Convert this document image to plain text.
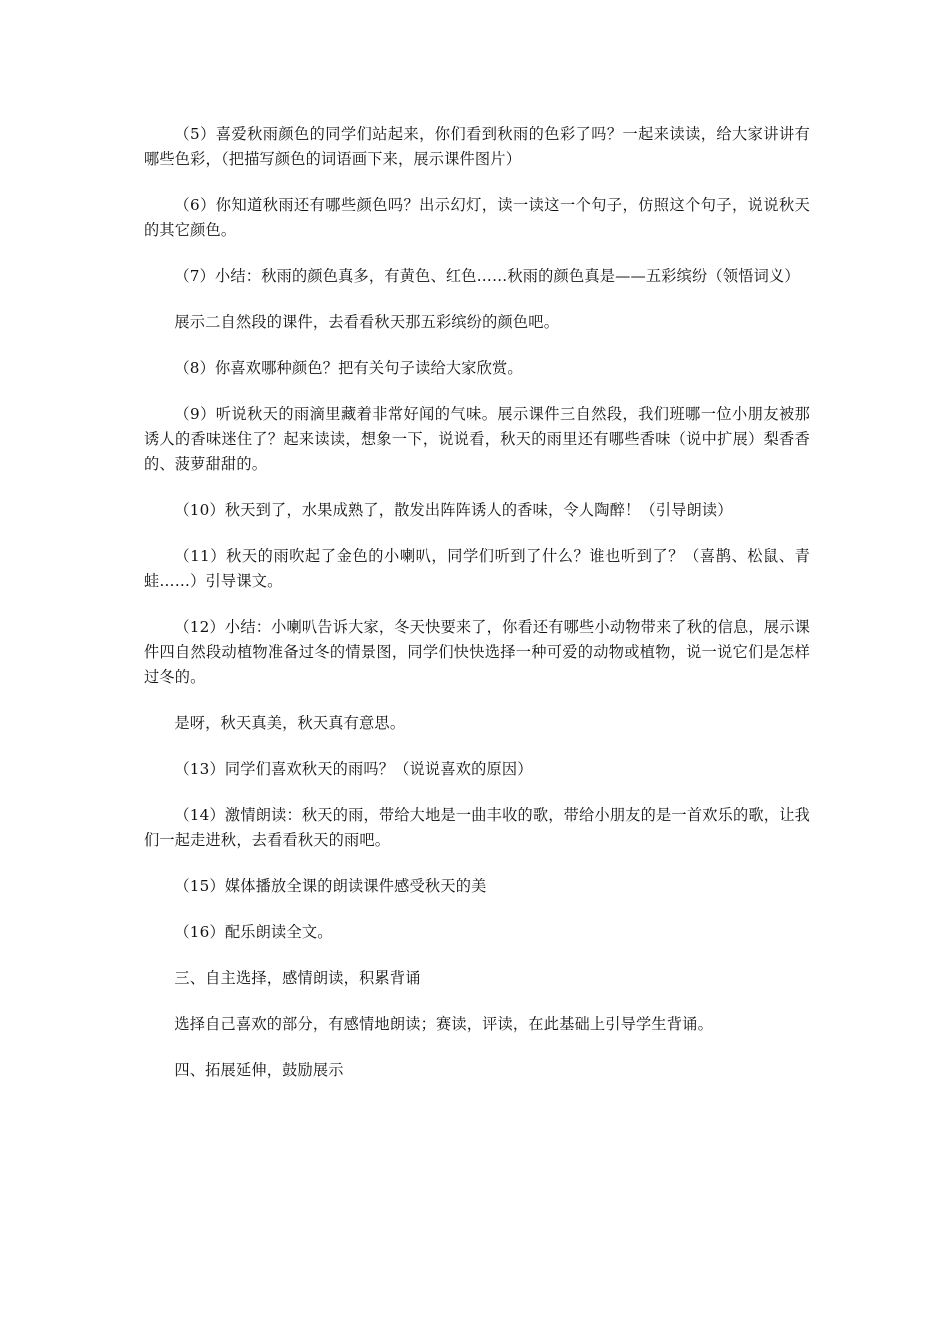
（5）喜爱秋雨颜色的同学们站起来，你们看到秋雨的色彩了吗？一起来读读，给大家讲讲有哪些色彩，（把描写颜色的词语画下来，展示课件图片）

（6）你知道秋雨还有哪些颜色吗？出示幻灯，读一读这一个句子，仿照这个句子，说说秋天的其它颜色。

（7）小结：秋雨的颜色真多，有黄色、红色……秋雨的颜色真是——五彩缤纷（领悟词义）

展示二自然段的课件，去看看秋天那五彩缤纷的颜色吧。

（8）你喜欢哪种颜色？把有关句子读给大家欣赏。

（9）听说秋天的雨滴里藏着非常好闻的气味。展示课件三自然段，我们班哪一位小朋友被那诱人的香味迷住了？起来读读，想象一下，说说看，秋天的雨里还有哪些香味（说中扩展）梨香香的、菠萝甜甜的。

（10）秋天到了，水果成熟了，散发出阵阵诱人的香味，令人陶醉！（引导朗读）

（11）秋天的雨吹起了金色的小喇叭，同学们听到了什么？谁也听到了？（喜鹊、松鼠、青蛙……）引导课文。

（12）小结：小喇叭告诉大家，冬天快要来了，你看还有哪些小动物带来了秋的信息，展示课件四自然段动植物准备过冬的情景图，同学们快快选择一种可爱的动物或植物，说一说它们是怎样过冬的。

是呀，秋天真美，秋天真有意思。

（13）同学们喜欢秋天的雨吗？（说说喜欢的原因）

（14）激情朗读：秋天的雨，带给大地是一曲丰收的歌，带给小朋友的是一首欢乐的歌，让我们一起走进秋，去看看秋天的雨吧。

（15）媒体播放全课的朗读课件感受秋天的美

（16）配乐朗读全文。

三、自主选择，感情朗读，积累背诵

选择自己喜欢的部分，有感情地朗读；赛读，评读，在此基础上引导学生背诵。

四、拓展延伸，鼓励展示
